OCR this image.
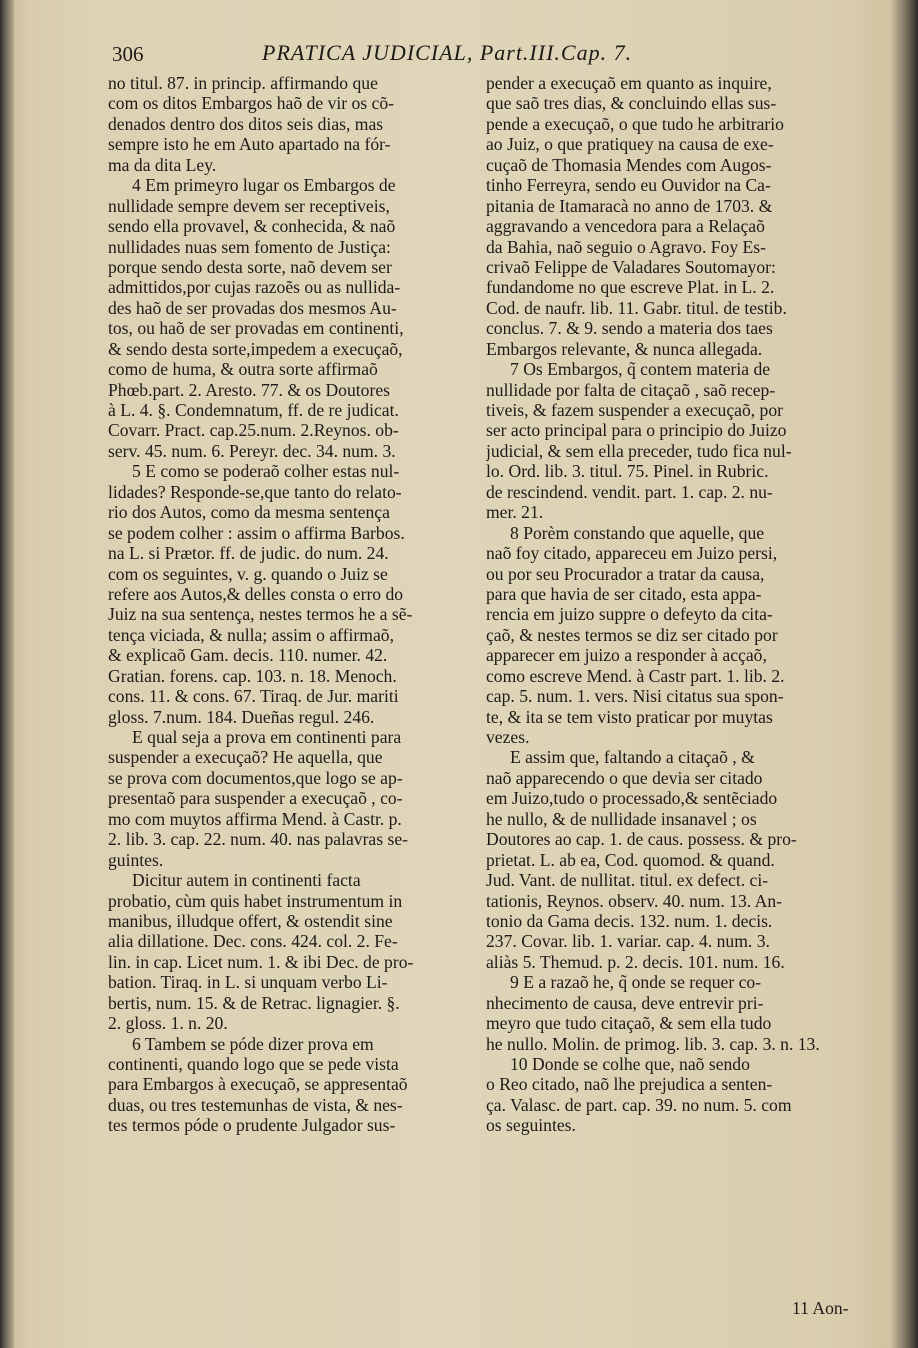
306	PRATICA JUDICIAL, Part.III.Cap. 7.
no titul. 87. in princip. affirmando que
com os ditos Embargos haõ de vir os cõ-
denados dentro dos ditos seis dias, mas
sempre isto he em Auto apartado na fór-
ma da dita Ley.
4 Em primeyro lugar os Embargos de
nullidade sempre devem ser receptiveis,
sendo ella provavel, & conhecida, & naõ
nullidades nuas sem fomento de Justiça:
porque sendo desta sorte, naõ devem ser
admittidos,por cujas razoẽs ou as nullida-
des haõ de ser provadas dos mesmos Au-
tos, ou haõ de ser provadas em continenti,
& sendo desta sorte,impedem a execuçaõ,
como de huma, & outra sorte affirmaõ
Phœb.part. 2. Aresto. 77. & os Doutores
à L. 4. §. Condemnatum, ff. de re judicat.
Covarr. Pract. cap.25.num. 2.Reynos. ob-
serv. 45. num. 6. Pereyr. dec. 34. num. 3.
5 E como se poderaõ colher estas nul-
lidades? Responde-se,que tanto do relato-
rio dos Autos, como da mesma sentença
se podem colher : assim o affirma Barbos.
na L. si Prætor. ff. de judic. do num. 24.
com os seguintes, v. g. quando o Juiz se
refere aos Autos,& delles consta o erro do
Juiz na sua sentença, nestes termos he a sẽ-
tença viciada, & nulla; assim o affirmaõ,
& explicaõ Gam. decis. 110. numer. 42.
Gratian. forens. cap. 103. n. 18. Menoch.
cons. 11. & cons. 67. Tiraq. de Jur. mariti
gloss. 7.num. 184. Dueñas regul. 246.
E qual seja a prova em continenti para
suspender a execuçaõ? He aquella, que
se prova com documentos,que logo se ap-
presentaõ para suspender a execuçaõ , co-
mo com muytos affirma Mend. à Castr. p.
2. lib. 3. cap. 22. num. 40. nas palavras se-
guintes.
Dicitur autem in continenti facta
probatio, cùm quis habet instrumentum in
manibus, illudque offert, & ostendit sine
alia dillatione. Dec. cons. 424. col. 2. Fe-
lin. in cap. Licet num. 1. & ibi Dec. de pro-
bation. Tiraq. in L. si unquam verbo Li-
bertis, num. 15. & de Retrac. lignagier. §.
2. gloss. 1. n. 20.
6 Tambem se póde dizer prova em
continenti, quando logo que se pede vista
para Embargos à execuçaõ, se appresentaõ
duas, ou tres testemunhas de vista, & nes-
tes termos póde o prudente Julgador sus-
pender a execuçaõ em quanto as inquire,
que saõ tres dias, & concluindo ellas sus-
pende a execuçaõ, o que tudo he arbitrario
ao Juiz, o que pratiquey na causa de exe-
cuçaõ de Thomasia Mendes com Augos-
tinho Ferreyra, sendo eu Ouvidor na Ca-
pitania de Itamaracà no anno de 1703. &
aggravando a vencedora para a Relaçaõ
da Bahia, naõ seguio o Agravo. Foy Es-
crivaõ Felippe de Valadares Soutomayor:
fundandome no que escreve Plat. in L. 2.
Cod. de naufr. lib. 11. Gabr. titul. de testib.
conclus. 7. & 9. sendo a materia dos taes
Embargos relevante, & nunca allegada.
7 Os Embargos, q̃ contem materia de
nullidade por falta de citaçaõ , saõ recep-
tiveis, & fazem suspender a execuçaõ, por
ser acto principal para o principio do Juizo
judicial, & sem ella preceder, tudo fica nul-
lo. Ord. lib. 3. titul. 75. Pinel. in Rubric.
de rescindend. vendit. part. 1. cap. 2. nu-
mer. 21.
8 Porèm constando que aquelle, que
naõ foy citado, appareceu em Juizo persi,
ou por seu Procurador a tratar da causa,
para que havia de ser citado, esta appa-
rencia em juizo suppre o defeyto da cita-
çaõ, & nestes termos se diz ser citado por
apparecer em juizo a responder à acçaõ,
como escreve Mend. à Castr part. 1. lib. 2.
cap. 5. num. 1. vers. Nisi citatus sua spon-
te, & ita se tem visto praticar por muytas
vezes.
E assim que, faltando a citaçaõ , &
naõ apparecendo o que devia ser citado
em Juizo,tudo o processado,& sentẽciado
he nullo, & de nullidade insanavel ; os
Doutores ao cap. 1. de caus. possess. & pro-
prietat. L. ab ea, Cod. quomod. & quand.
Jud. Vant. de nullitat. titul. ex defect. ci-
tationis, Reynos. observ. 40. num. 13. An-
tonio da Gama decis. 132. num. 1. decis.
237. Covar. lib. 1. variar. cap. 4. num. 3.
aliàs 5. Themud. p. 2. decis. 101. num. 16.
9 E a razaõ he, q̃ onde se requer co-
nhecimento de causa, deve entrevir pri-
meyro que tudo citaçaõ, & sem ella tudo
he nullo. Molin. de primog. lib. 3. cap. 3. n. 13.
10 Donde se colhe que, naõ sendo
o Reo citado, naõ lhe prejudica a senten-
ça. Valasc. de part. cap. 39. no num. 5. com
os seguintes.
11 Aon-
